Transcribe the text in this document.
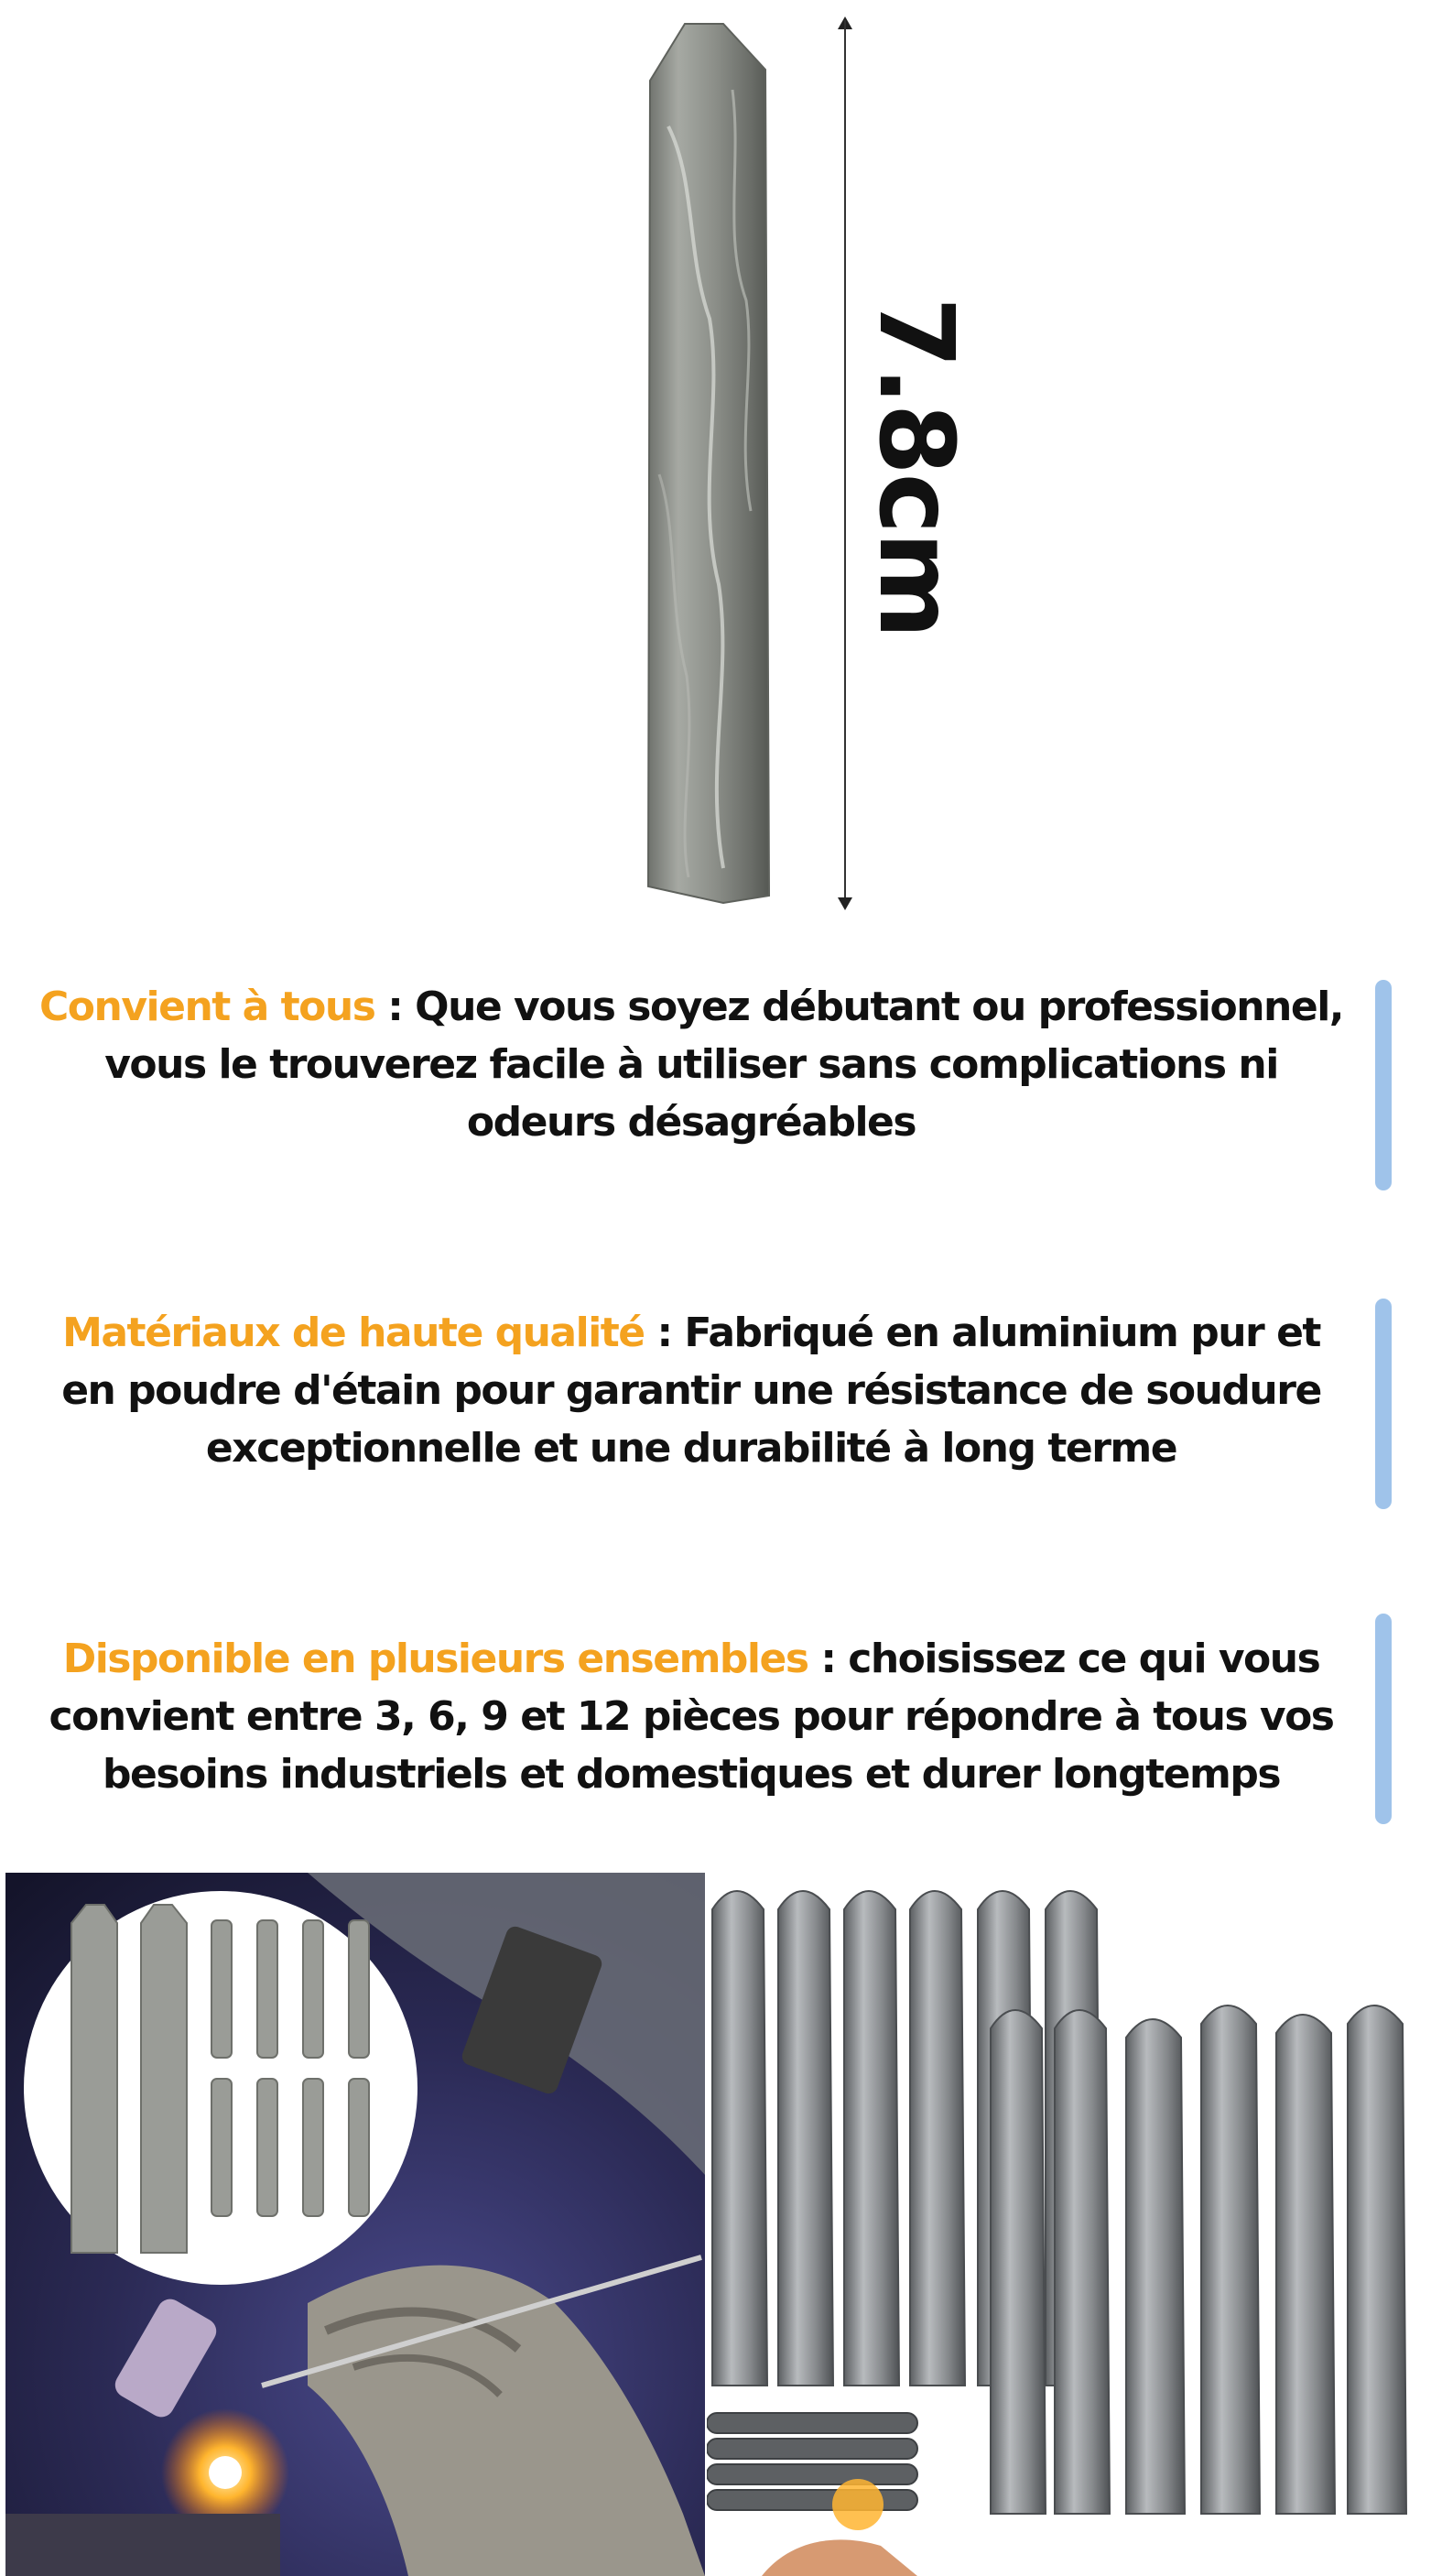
7.8cm

Convient à tous : Que vous soyez débutant ou professionnel,
vous le trouverez facile à utiliser sans complications ni
odeurs désagréables

Matériaux de haute qualité : Fabriqué en aluminium pur et
en poudre d'étain pour garantir une résistance de soudure
exceptionnelle et une durabilité à long terme

Disponible en plusieurs ensembles : choisissez ce qui vous
convient entre 3, 6, 9 et 12 pièces pour répondre à tous vos
besoins industriels et domestiques et durer longtemps
